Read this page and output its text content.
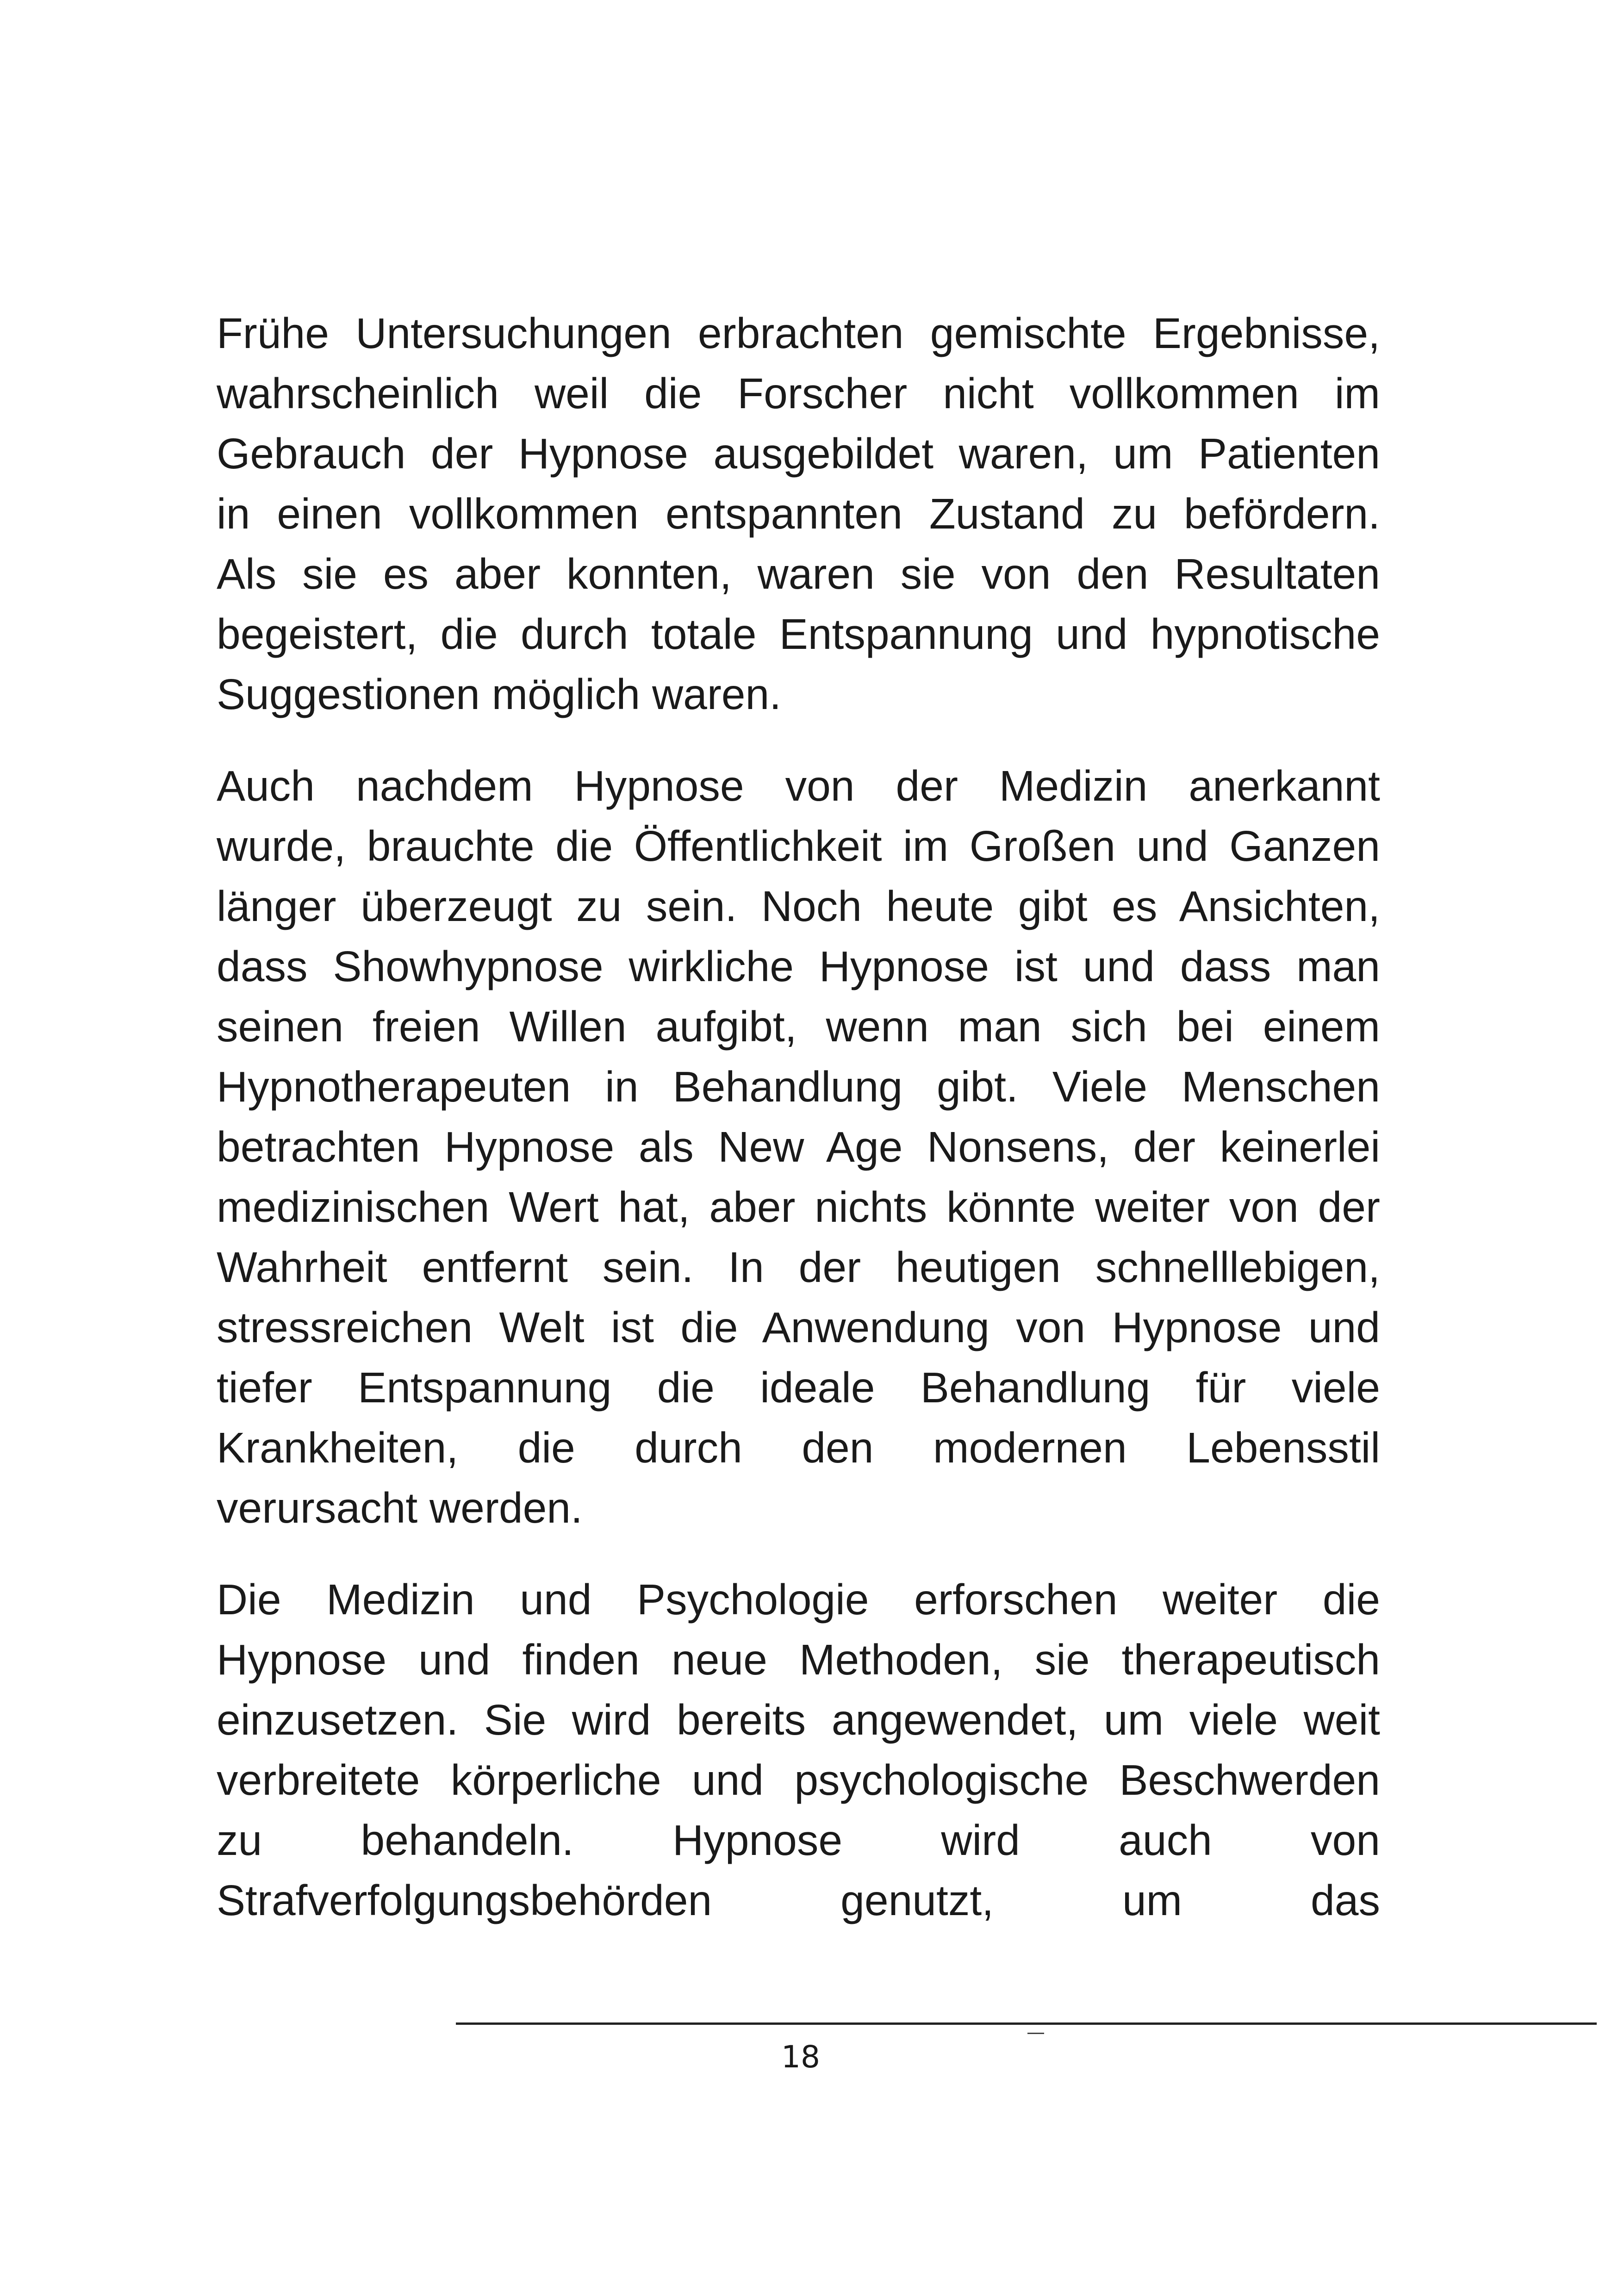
Frühe Untersuchungen erbrachten gemischte Ergebnisse,
wahrscheinlich weil die Forscher nicht vollkommen im
Gebrauch der Hypnose ausgebildet waren, um Patienten
in einen vollkommen entspannten Zustand zu befördern.
Als sie es aber konnten, waren sie von den Resultaten
begeistert, die durch totale Entspannung und hypnotische
Suggestionen möglich waren.
Auch nachdem Hypnose von der Medizin anerkannt
wurde, brauchte die Öffentlichkeit im Großen und Ganzen
länger überzeugt zu sein. Noch heute gibt es Ansichten,
dass Showhypnose wirkliche Hypnose ist und dass man
seinen freien Willen aufgibt, wenn man sich bei einem
Hypnotherapeuten in Behandlung gibt. Viele Menschen
betrachten Hypnose als New Age Nonsens, der keinerlei
medizinischen Wert hat, aber nichts könnte weiter von der
Wahrheit entfernt sein. In der heutigen schnelllebigen,
stressreichen Welt ist die Anwendung von Hypnose und
tiefer Entspannung die ideale Behandlung für viele
Krankheiten, die durch den modernen Lebensstil
verursacht werden.
Die Medizin und Psychologie erforschen weiter die
Hypnose und finden neue Methoden, sie therapeutisch
einzusetzen. Sie wird bereits angewendet, um viele weit
verbreitete körperliche und psychologische Beschwerden
zu behandeln. Hypnose wird auch von
Strafverfolgungsbehörden genutzt, um das
18
